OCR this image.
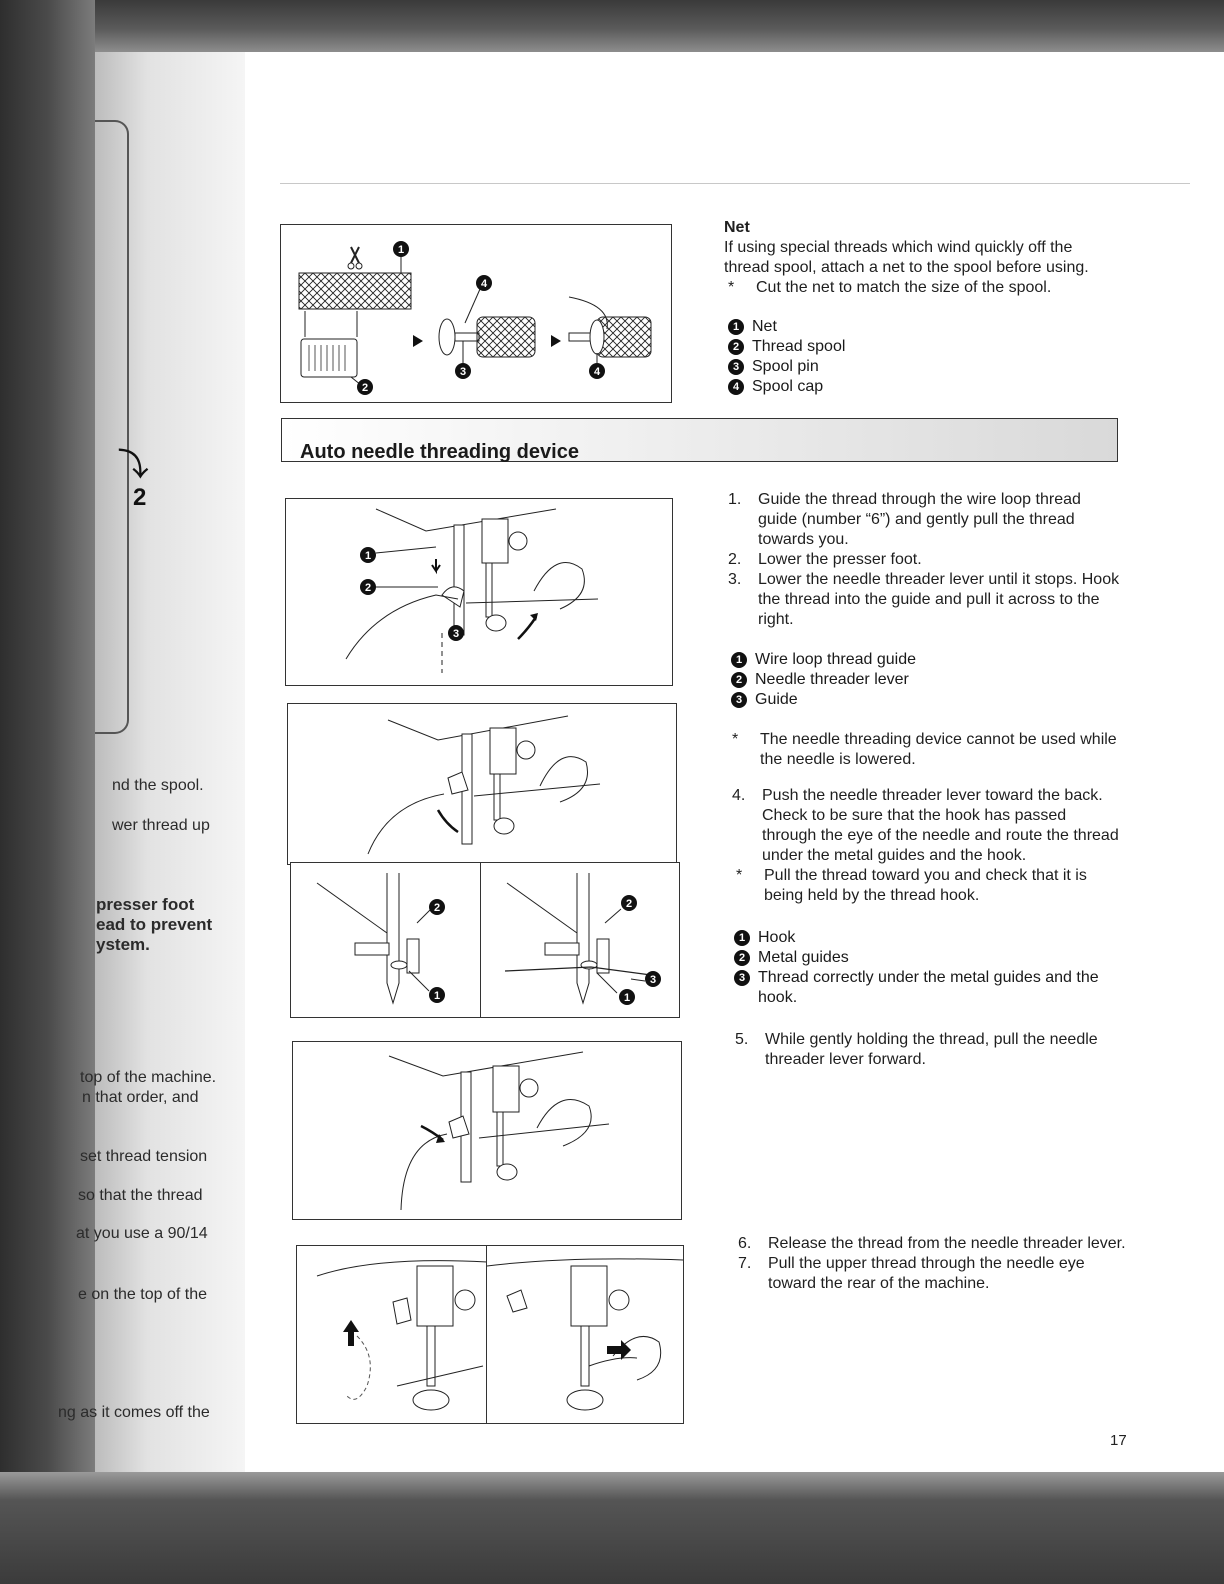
⤵
2
nd the spool.
wer thread up
presser foot
ead to prevent
ystem.
top of the machine.
n that order, and
set thread tension
so that the thread
at you use a 90/14
e on the top of the
ng as it comes off the
1
4
2
3	4
Net
If using special threads which wind quickly off the thread spool, attach a net to the spool before using.
*	Cut the net to match the size of the spool.
1 Net
2 Thread spool
3 Spool pin
4 Spool cap
Auto needle threading device
1
2
3
1.	Guide the thread through the wire loop thread guide (number “6”) and gently pull the thread towards you.
2.	Lower the presser foot.
3.	Lower the needle threader lever until it stops. Hook the thread into the guide and pull it across to the right.
1 Wire loop thread guide
2 Needle threader lever
3 Guide
*	The needle threading device cannot be used while the needle is lowered.
2
1
2
3
1
4.	Push the needle threader lever toward the back. Check to be sure that the hook has passed through the eye of the needle and route the thread under the metal guides and the hook.
*	Pull the thread toward you and check that it is being held by the thread hook.
1 Hook
2 Metal guides
3 Thread correctly under the metal guides and the hook.
5.	While gently holding the thread, pull the needle threader lever forward.
6.	Release the thread from the needle threader lever.
7.	Pull the upper thread through the needle eye toward the rear of the machine.
17
